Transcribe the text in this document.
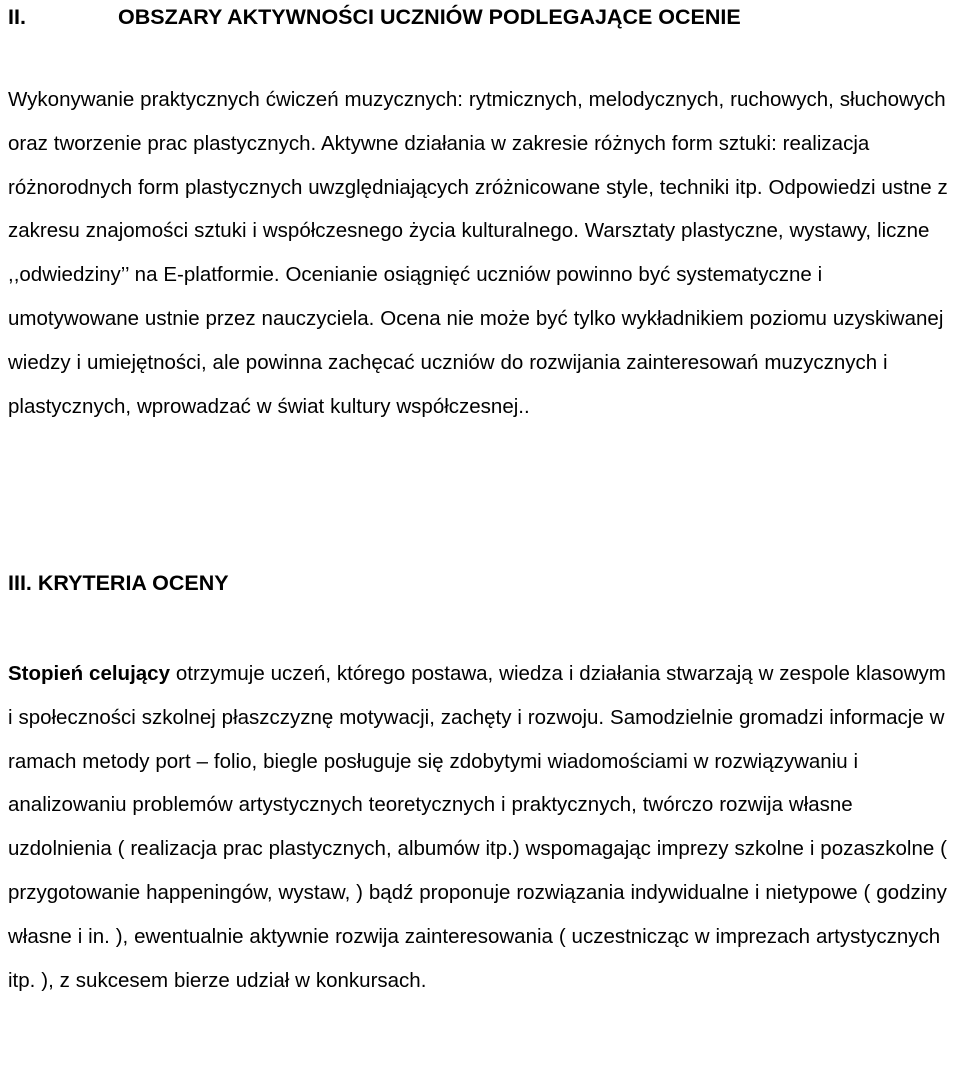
II.	OBSZARY AKTYWNOŚCI UCZNIÓW PODLEGAJĄCE OCENIE

Wykonywanie praktycznych ćwiczeń muzycznych: rytmicznych, melodycznych, ruchowych, słuchowych oraz tworzenie prac plastycznych. Aktywne działania w zakresie różnych form sztuki: realizacja różnorodnych form plastycznych uwzględniających zróżnicowane style, techniki itp. Odpowiedzi ustne z zakresu znajomości sztuki i współczesnego życia kulturalnego. Warsztaty plastyczne, wystawy, liczne ,,odwiedziny’’ na E-platformie. Ocenianie osiągnięć uczniów powinno być systematyczne i umotywowane ustnie przez nauczyciela. Ocena nie może być tylko wykładnikiem poziomu uzyskiwanej wiedzy i umiejętności, ale powinna zachęcać uczniów do rozwijania zainteresowań muzycznych i plastycznych, wprowadzać w świat kultury współczesnej..

III. KRYTERIA OCENY

Stopień celujący otrzymuje uczeń, którego postawa, wiedza i działania stwarzają w zespole klasowym i społeczności szkolnej płaszczyznę motywacji, zachęty i rozwoju. Samodzielnie gromadzi informacje w ramach metody port – folio, biegle posługuje się zdobytymi wiadomościami w rozwiązywaniu i analizowaniu problemów artystycznych teoretycznych i praktycznych, twórczo rozwija własne uzdolnienia ( realizacja prac plastycznych, albumów itp.) wspomagając imprezy szkolne i pozaszkolne ( przygotowanie happeningów, wystaw, ) bądź proponuje rozwiązania indywidualne i nietypowe ( godziny własne i in. ), ewentualnie aktywnie rozwija zainteresowania ( uczestnicząc w imprezach artystycznych itp. ), z sukcesem bierze udział w konkursach.
